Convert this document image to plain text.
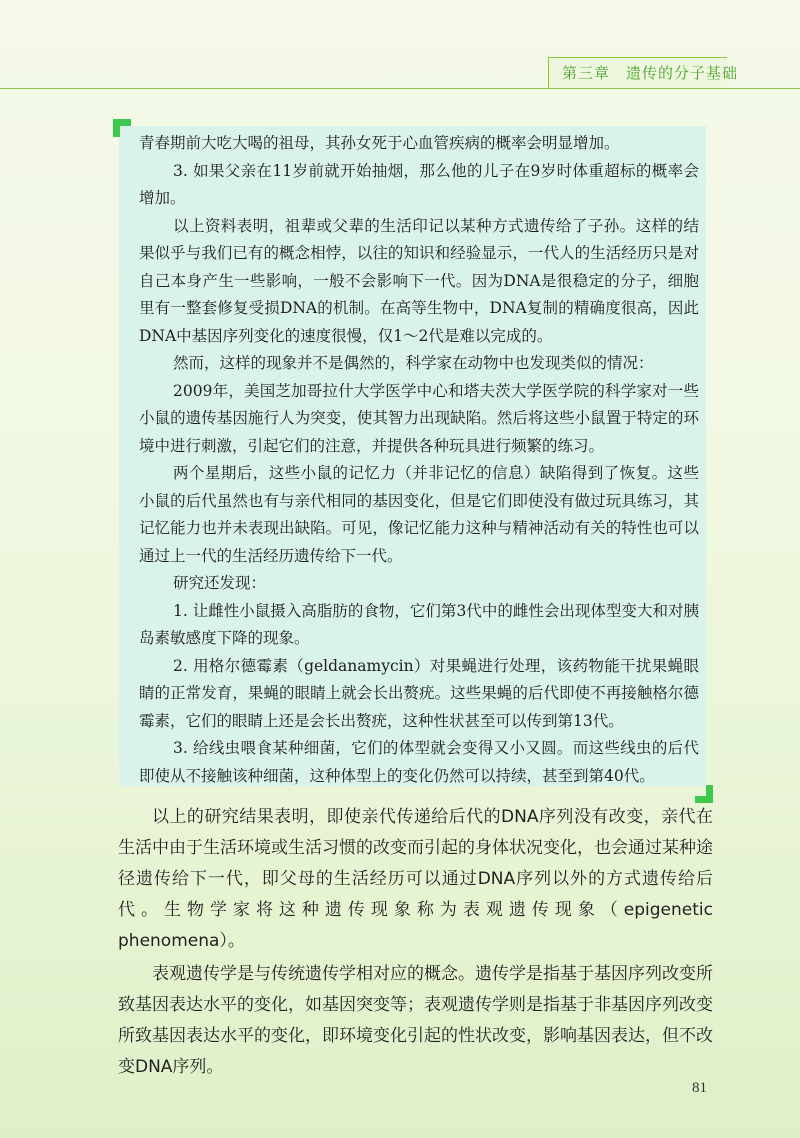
第三章　遗传的分子基础

青春期前大吃大喝的祖母，其孙女死于心血管疾病的概率会明显增加。

3. 如果父亲在11岁前就开始抽烟，那么他的儿子在9岁时体重超标的概率会增加。

以上资料表明，祖辈或父辈的生活印记以某种方式遗传给了子孙。这样的结果似乎与我们已有的概念相悖，以往的知识和经验显示，一代人的生活经历只是对自己本身产生一些影响，一般不会影响下一代。因为DNA是很稳定的分子，细胞里有一整套修复受损DNA的机制。在高等生物中，DNA复制的精确度很高，因此DNA中基因序列变化的速度很慢，仅1～2代是难以完成的。

然而，这样的现象并不是偶然的，科学家在动物中也发现类似的情况：

2009年，美国芝加哥拉什大学医学中心和塔夫茨大学医学院的科学家对一些小鼠的遗传基因施行人为突变，使其智力出现缺陷。然后将这些小鼠置于特定的环境中进行刺激，引起它们的注意，并提供各种玩具进行频繁的练习。

两个星期后，这些小鼠的记忆力（并非记忆的信息）缺陷得到了恢复。这些小鼠的后代虽然也有与亲代相同的基因变化，但是它们即使没有做过玩具练习，其记忆能力也并未表现出缺陷。可见，像记忆能力这种与精神活动有关的特性也可以通过上一代的生活经历遗传给下一代。

研究还发现：

1. 让雌性小鼠摄入高脂肪的食物，它们第3代中的雌性会出现体型变大和对胰岛素敏感度下降的现象。

2. 用格尔德霉素（geldanamycin）对果蝇进行处理，该药物能干扰果蝇眼睛的正常发育，果蝇的眼睛上就会长出赘疣。这些果蝇的后代即使不再接触格尔德霉素，它们的眼睛上还是会长出赘疣，这种性状甚至可以传到第13代。

3. 给线虫喂食某种细菌，它们的体型就会变得又小又圆。而这些线虫的后代即使从不接触该种细菌，这种体型上的变化仍然可以持续，甚至到第40代。

以上的研究结果表明，即使亲代传递给后代的DNA序列没有改变，亲代在生活中由于生活环境或生活习惯的改变而引起的身体状况变化，也会通过某种途径遗传给下一代，即父母的生活经历可以通过DNA序列以外的方式遗传给后代。生物学家将这种遗传现象称为表观遗传现象（epigenetic phenomena）。

表观遗传学是与传统遗传学相对应的概念。遗传学是指基于基因序列改变所致基因表达水平的变化，如基因突变等；表观遗传学则是指基于非基因序列改变所致基因表达水平的变化，即环境变化引起的性状改变，影响基因表达，但不改变DNA序列。

81
